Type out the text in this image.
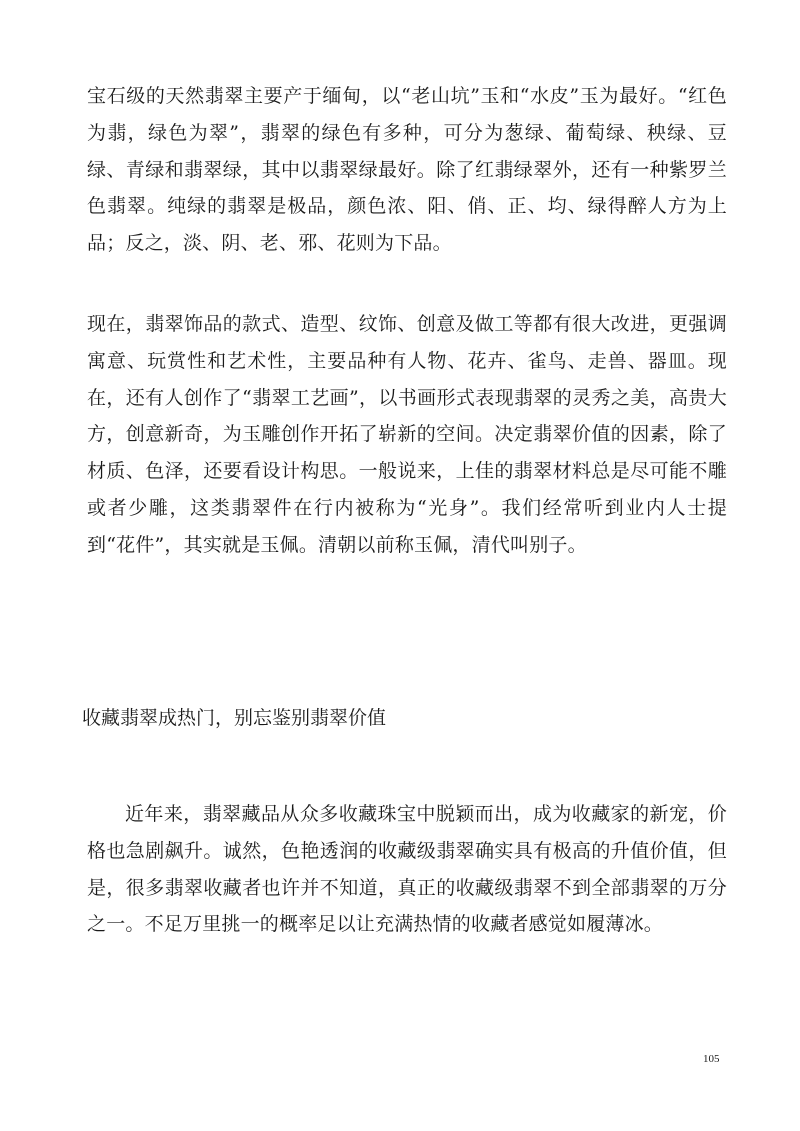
宝石级的天然翡翠主要产于缅甸，以“老山坑”玉和“水皮”玉为最好。“红色为翡，绿色为翠”，翡翠的绿色有多种，可分为葱绿、葡萄绿、秧绿、豆绿、青绿和翡翠绿，其中以翡翠绿最好。除了红翡绿翠外，还有一种紫罗兰色翡翠。纯绿的翡翠是极品，颜色浓、阳、俏、正、均、绿得醉人方为上品；反之，淡、阴、老、邪、花则为下品。

现在，翡翠饰品的款式、造型、纹饰、创意及做工等都有很大改进，更强调寓意、玩赏性和艺术性，主要品种有人物、花卉、雀鸟、走兽、器皿。现在，还有人创作了“翡翠工艺画”，以书画形式表现翡翠的灵秀之美，高贵大方，创意新奇，为玉雕创作开拓了崭新的空间。决定翡翠价值的因素，除了材质、色泽，还要看设计构思。一般说来，上佳的翡翠材料总是尽可能不雕或者少雕，这类翡翠件在行内被称为“光身”。我们经常听到业内人士提到“花件”，其实就是玉佩。清朝以前称玉佩，清代叫别子。

收藏翡翠成热门，别忘鉴别翡翠价值

近年来，翡翠藏品从众多收藏珠宝中脱颖而出，成为收藏家的新宠，价格也急剧飙升。诚然，色艳透润的收藏级翡翠确实具有极高的升值价值，但是，很多翡翠收藏者也许并不知道，真正的收藏级翡翠不到全部翡翠的万分之一。不足万里挑一的概率足以让充满热情的收藏者感觉如履薄冰。

105
